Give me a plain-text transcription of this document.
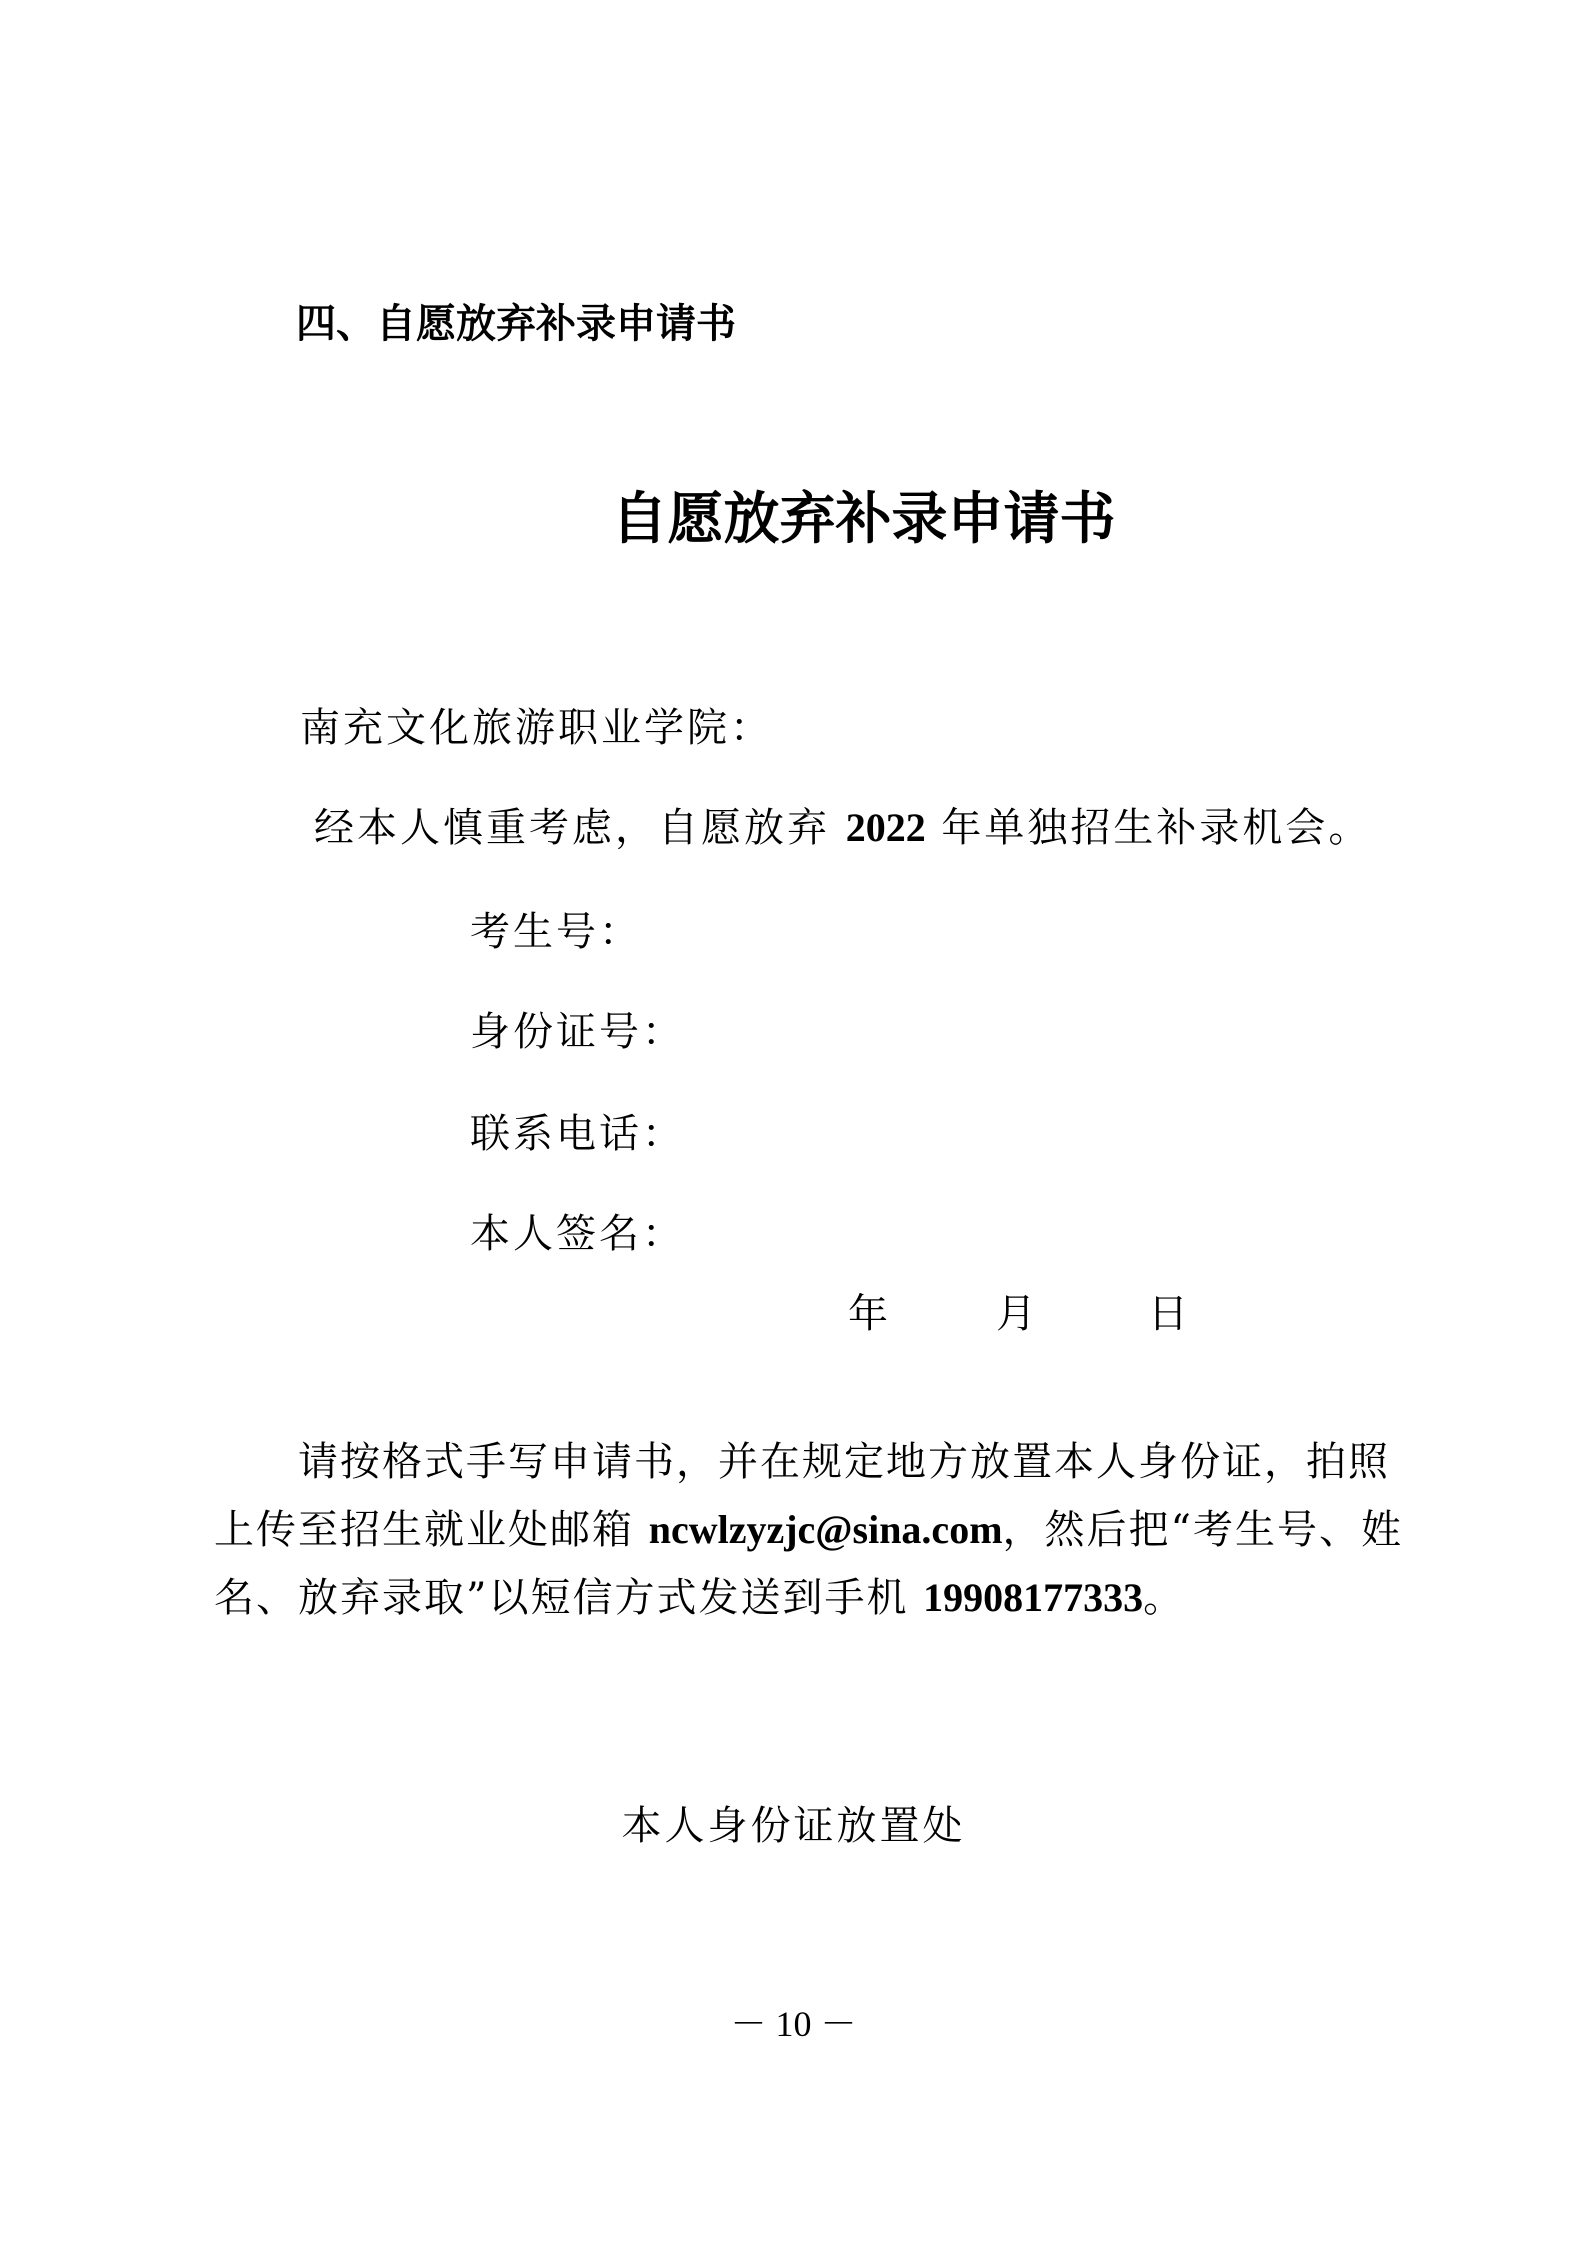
四、自愿放弃补录申请书
自愿放弃补录申请书
南充文化旅游职业学院：
经本人慎重考虑，自愿放弃 2022 年单独招生补录机会。
考生号：
身份证号：
联系电话：
本人签名：
年	月	日
请按格式手写申请书，并在规定地方放置本人身份证，拍照上传至招生就业处邮箱 ncwlzyzjc@sina.com，然后把“考生号、姓名、放弃录取”以短信方式发送到手机 19908177333。
本人身份证放置处
－ 10 －
